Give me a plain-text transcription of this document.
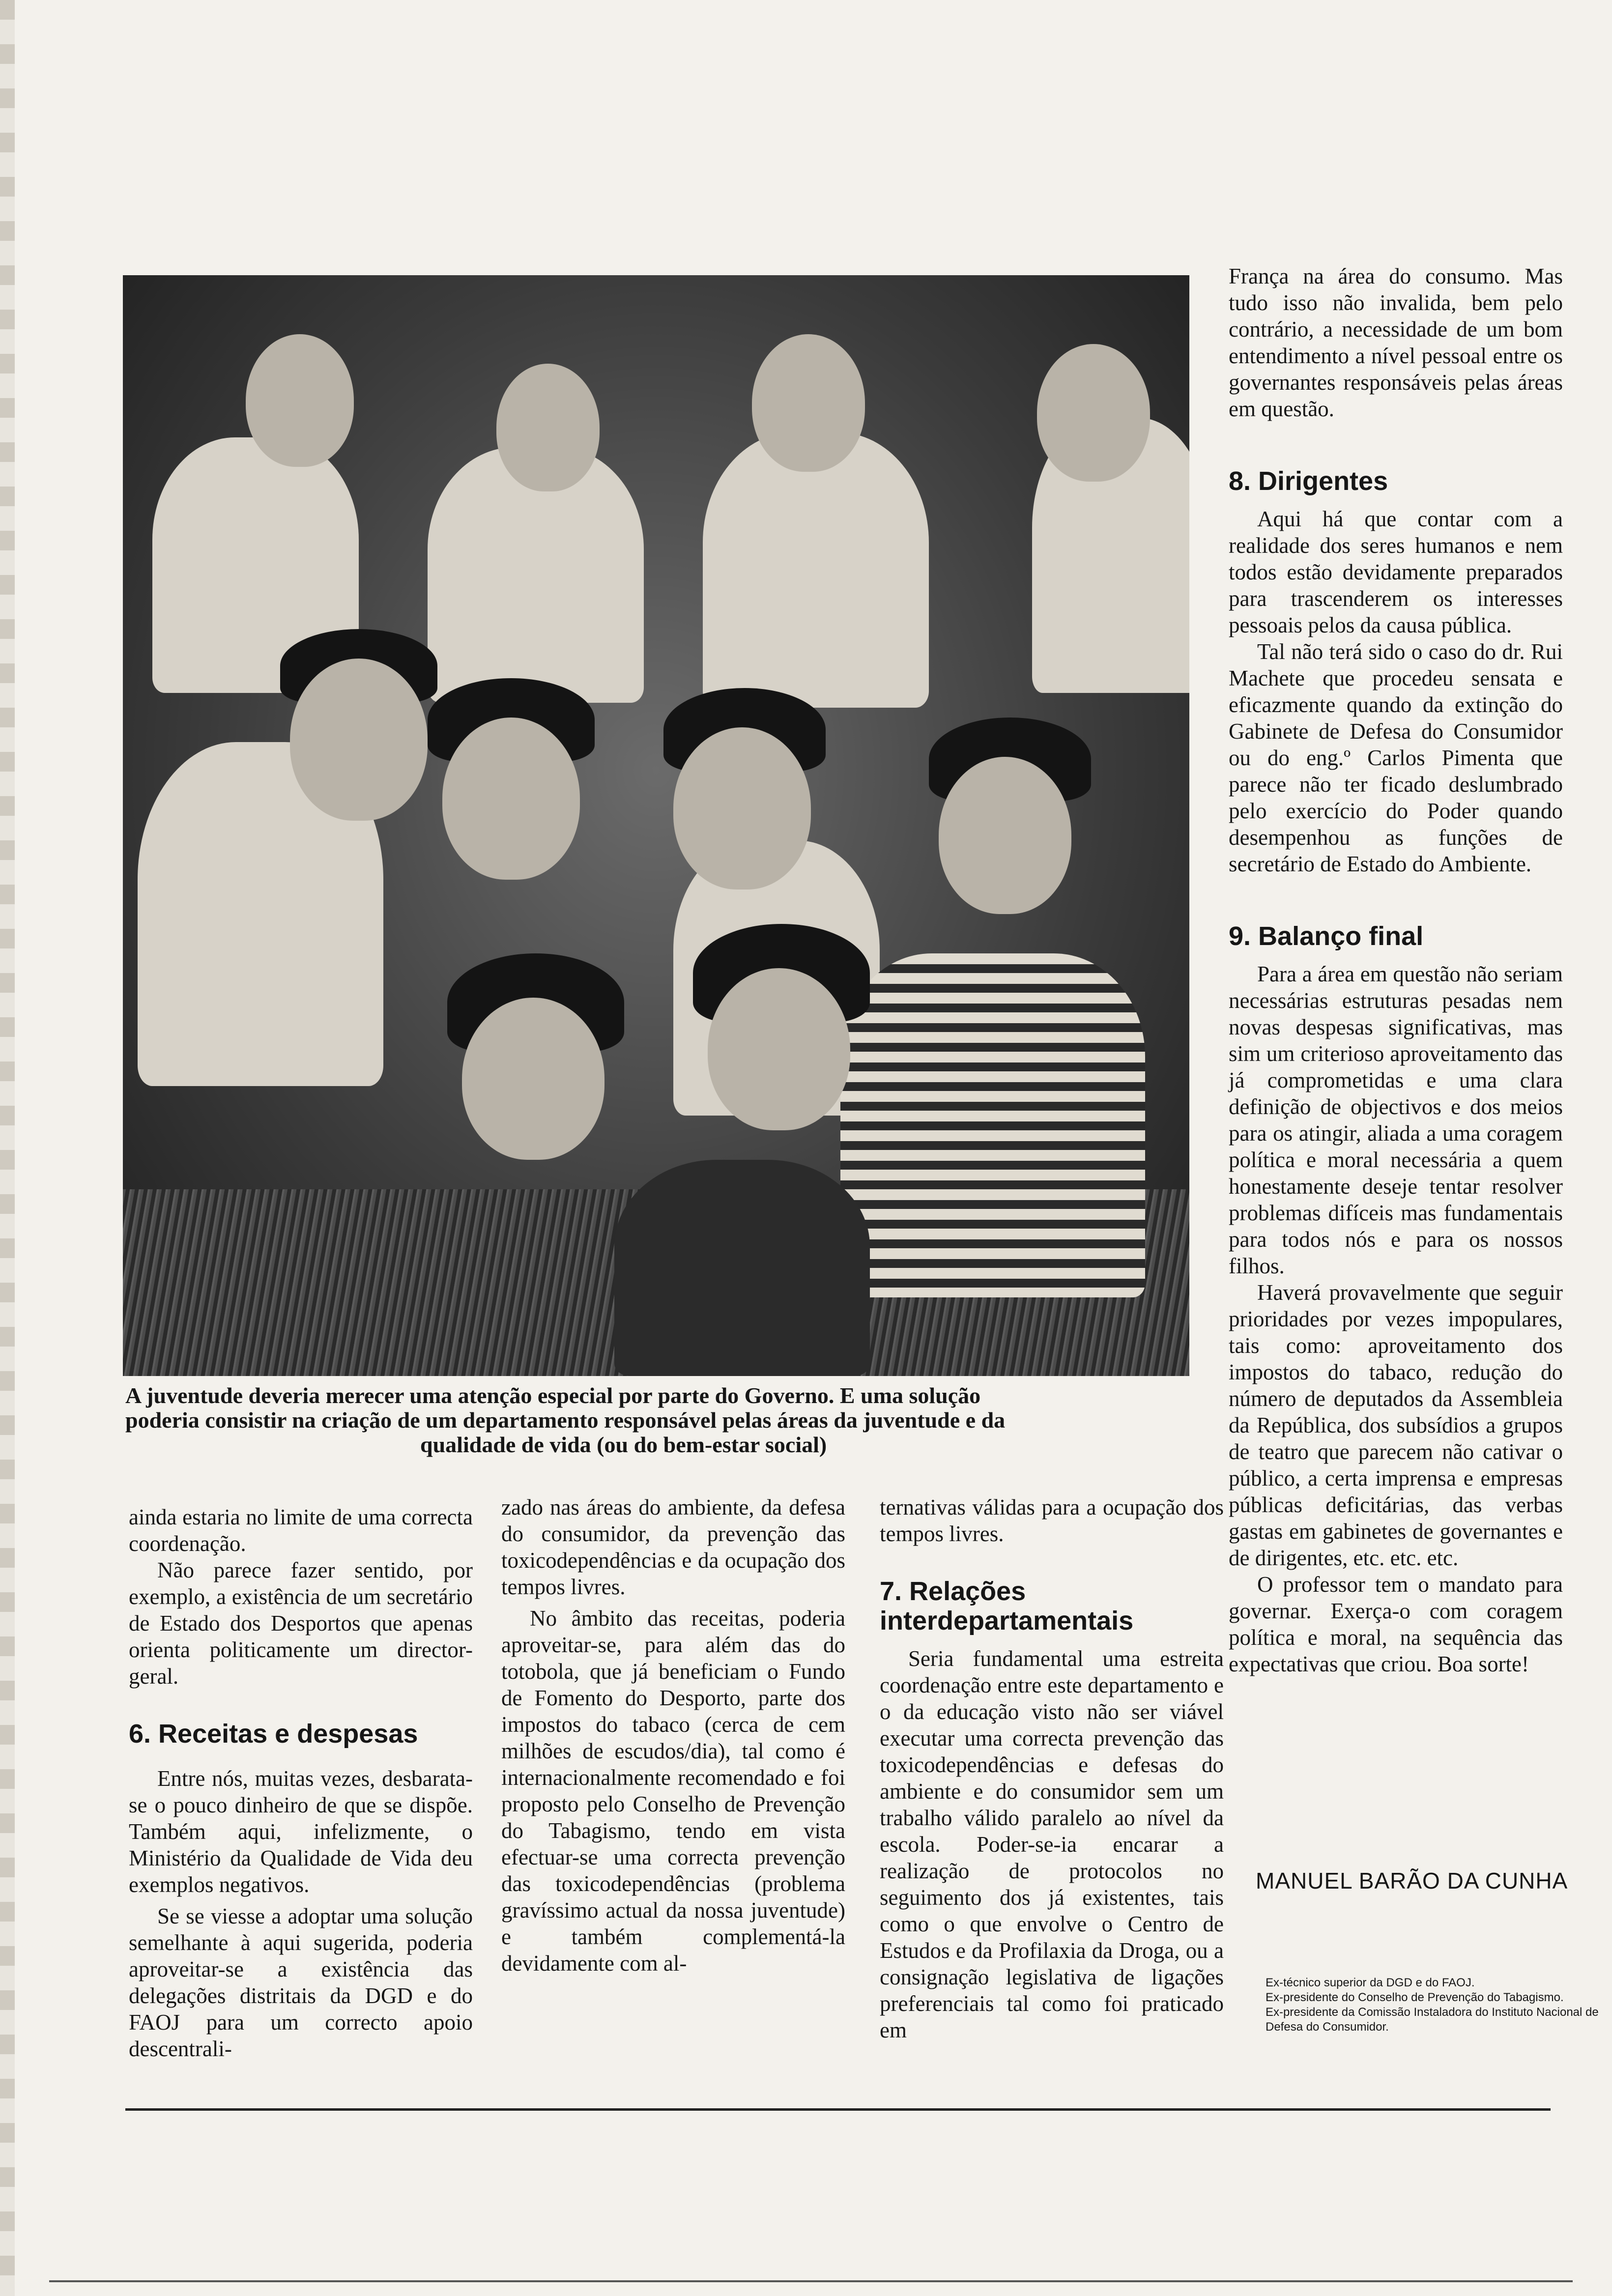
A juventude deveria merecer uma atenção especial por parte do Governo. E uma solução
poderia consistir na criação de um departamento responsável pelas áreas da juventude e da
qualidade de vida (ou do bem-estar social)

ainda estaria no limite de uma correcta coordenação.

Não parece fazer sentido, por exemplo, a existência de um secretário de Estado dos Desportos que apenas orienta politicamente um director-geral.

6. Receitas e despesas

Entre nós, muitas vezes, desbarata-se o pouco dinheiro de que se dispõe. Também aqui, infelizmente, o Ministério da Qualidade de Vida deu exemplos negativos.

Se se viesse a adoptar uma solução semelhante à aqui sugerida, poderia aproveitar-se a existência das delegações distritais da DGD e do FAOJ para um correcto apoio descentrali-

zado nas áreas do ambiente, da defesa do consumidor, da prevenção das toxicodependências e da ocupação dos tempos livres.

No âmbito das receitas, poderia aproveitar-se, para além das do totobola, que já beneficiam o Fundo de Fomento do Desporto, parte dos impostos do tabaco (cerca de cem milhões de escudos/dia), tal como é internacionalmente recomendado e foi proposto pelo Conselho de Prevenção do Tabagismo, tendo em vista efectuar-se uma correcta prevenção das toxicodependências (problema gravíssimo actual da nossa juventude) e também complementá-la devidamente com al-

ternativas válidas para a ocupação dos tempos livres.

7. Relações
interdepartamentais

Seria fundamental uma estreita coordenação entre este departamento e o da educação visto não ser viável executar uma correcta prevenção das toxicodependências e defesas do ambiente e do consumidor sem um trabalho válido paralelo ao nível da escola. Poder-se-ia encarar a realização de protocolos no seguimento dos já existentes, tais como o que envolve o Centro de Estudos e da Profilaxia da Droga, ou a consignação legislativa de ligações preferenciais tal como foi praticado em

França na área do consumo. Mas tudo isso não invalida, bem pelo contrário, a necessidade de um bom entendimento a nível pessoal entre os governantes responsáveis pelas áreas em questão.

8. Dirigentes

Aqui há que contar com a realidade dos seres humanos e nem todos estão devidamente preparados para trascenderem os interesses pessoais pelos da causa pública.

Tal não terá sido o caso do dr. Rui Machete que procedeu sensata e eficazmente quando da extinção do Gabinete de Defesa do Consumidor ou do eng.º Carlos Pimenta que parece não ter ficado deslumbrado pelo exercício do Poder quando desempenhou as funções de secretário de Estado do Ambiente.

9. Balanço final

Para a área em questão não seriam necessárias estruturas pesadas nem novas despesas significativas, mas sim um criterioso aproveitamento das já comprometidas e uma clara definição de objectivos e dos meios para os atingir, aliada a uma coragem política e moral necessária a quem honestamente deseje tentar resolver problemas difíceis mas fundamentais para todos nós e para os nossos filhos.

Haverá provavelmente que seguir prioridades por vezes impopulares, tais como: aproveitamento dos impostos do tabaco, redução do número de deputados da Assembleia da República, dos subsídios a grupos de teatro que parecem não cativar o público, a certa imprensa e empresas públicas deficitárias, das verbas gastas em gabinetes de governantes e de dirigentes, etc. etc. etc.

O professor tem o mandato para governar. Exerça-o com coragem política e moral, na sequência das expectativas que criou. Boa sorte!

MANUEL BARÃO DA CUNHA
Ex-técnico superior da DGD e do FAOJ.
Ex-presidente do Conselho de Prevenção do Tabagismo.
Ex-presidente da Comissão Instaladora do Instituto Nacional de Defesa do Consumidor.
